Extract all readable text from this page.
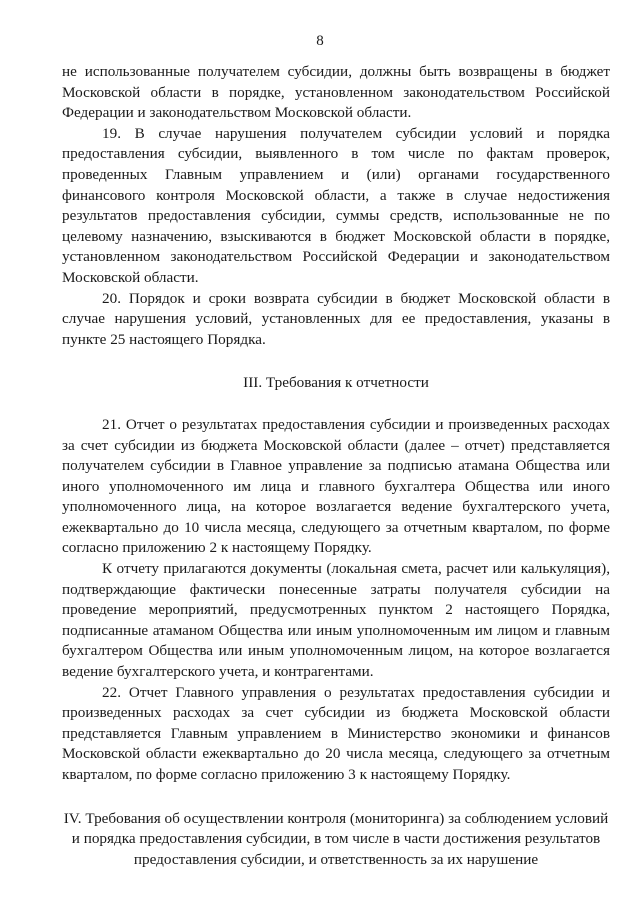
8

не использованные получателем субсидии, должны быть возвращены в бюджет Московской области в порядке, установленном законодательством Российской Федерации и законодательством Московской области.

19. В случае нарушения получателем субсидии условий и порядка предоставления субсидии, выявленного в том числе по фактам проверок, проведенных Главным управлением и (или) органами государственного финансового контроля Московской области, а также в случае недостижения результатов предоставления субсидии, суммы средств, использованные не по целевому назначению, взыскиваются в бюджет Московской области в порядке, установленном законодательством Российской Федерации и законодательством Московской области.

20. Порядок и сроки возврата субсидии в бюджет Московской области в случае нарушения условий, установленных для ее предоставления, указаны в пункте 25 настоящего Порядка.

III. Требования к отчетности

21. Отчет о результатах предоставления субсидии и произведенных расходах за счет субсидии из бюджета Московской области (далее – отчет) представляется получателем субсидии в Главное управление за подписью атамана Общества или иного уполномоченного им лица и главного бухгалтера Общества или иного уполномоченного лица, на которое возлагается ведение бухгалтерского учета, ежеквартально до 10 числа месяца, следующего за отчетным кварталом, по форме согласно приложению 2 к настоящему Порядку.

К отчету прилагаются документы (локальная смета, расчет или калькуляция), подтверждающие фактически понесенные затраты получателя субсидии на проведение мероприятий, предусмотренных пунктом 2 настоящего Порядка, подписанные атаманом Общества или иным уполномоченным им лицом и главным бухгалтером Общества или иным уполномоченным лицом, на которое возлагается ведение бухгалтерского учета, и контрагентами.

22. Отчет Главного управления о результатах предоставления субсидии и произведенных расходах за счет субсидии из бюджета Московской области представляется Главным управлением в Министерство экономики и финансов Московской области ежеквартально до 20 числа месяца, следующего за отчетным кварталом, по форме согласно приложению 3 к настоящему Порядку.

IV. Требования об осуществлении контроля (мониторинга) за соблюдением условий
и порядка предоставления субсидии, в том числе в части достижения результатов
предоставления субсидии, и ответственность за их нарушение
